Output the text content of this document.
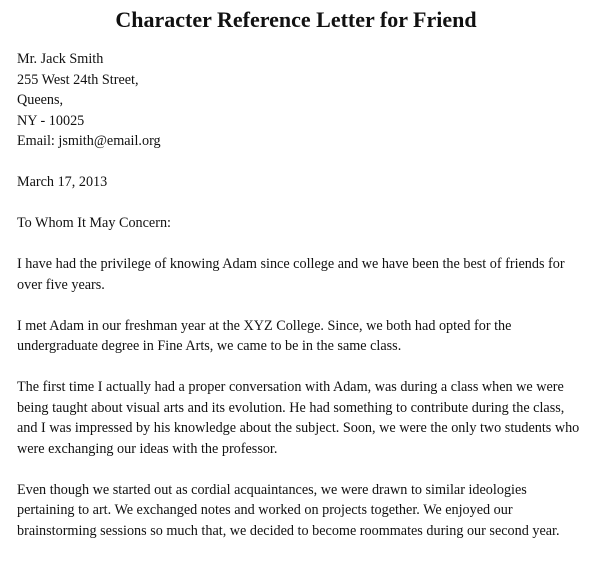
Character Reference Letter for Friend
Mr. Jack Smith
255 West 24th Street,
Queens,
NY - 10025
Email: jsmith@email.org

March 17, 2013

To Whom It May Concern:

I have had the privilege of knowing Adam since college and we have been the best of friends for over five years.

I met Adam in our freshman year at the XYZ College. Since, we both had opted for the undergraduate degree in Fine Arts, we came to be in the same class.

The first time I actually had a proper conversation with Adam, was during a class when we were being taught about visual arts and its evolution. He had something to contribute during the class, and I was impressed by his knowledge about the subject. Soon, we were the only two students who were exchanging our ideas with the professor.

Even though we started out as cordial acquaintances, we were drawn to similar ideologies pertaining to art. We exchanged notes and worked on projects together. We enjoyed our brainstorming sessions so much that, we decided to become roommates during our second year.
